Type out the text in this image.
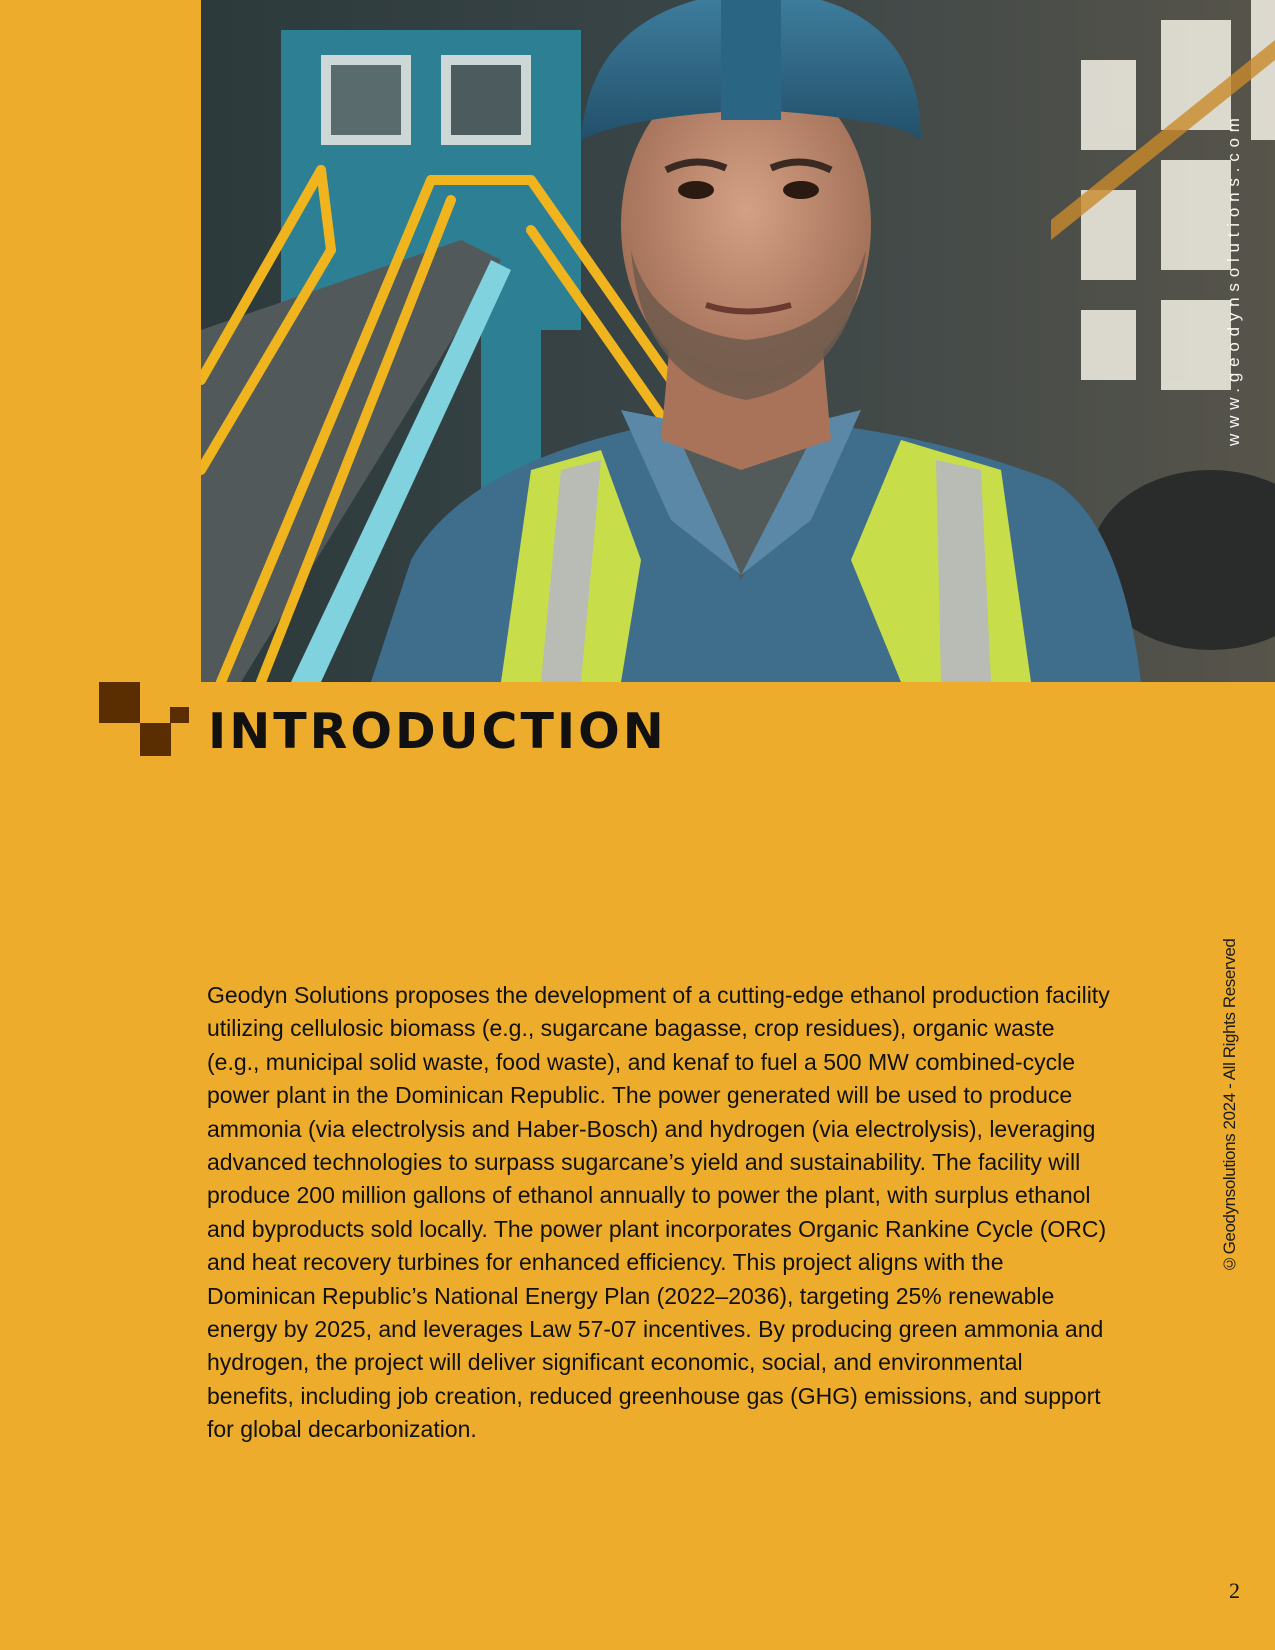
www.geodynsolutions.com
INTRODUCTION

Geodyn Solutions proposes the development of a cutting-edge ethanol production facility utilizing cellulosic biomass (e.g., sugarcane bagasse, crop residues), organic waste (e.g., municipal solid waste, food waste), and kenaf to fuel a 500 MW combined-cycle power plant in the Dominican Republic. The power generated will be used to produce ammonia (via electrolysis and Haber-Bosch) and hydrogen (via electrolysis), leveraging advanced technologies to surpass sugarcane’s yield and sustainability. The facility will produce 200 million gallons of ethanol annually to power the plant, with surplus ethanol and byproducts sold locally. The power plant incorporates Organic Rankine Cycle (ORC) and heat recovery turbines for enhanced efficiency. This project aligns with the Dominican Republic’s National Energy Plan (2022–2036), targeting 25% renewable energy by 2025, and leverages Law 57-07 incentives. By producing green ammonia and hydrogen, the project will deliver significant economic, social, and environmental benefits, including job creation, reduced greenhouse gas (GHG) emissions, and support for global decarbonization.

©Geodynsolutions 2024 - All Rights Reserved
2
